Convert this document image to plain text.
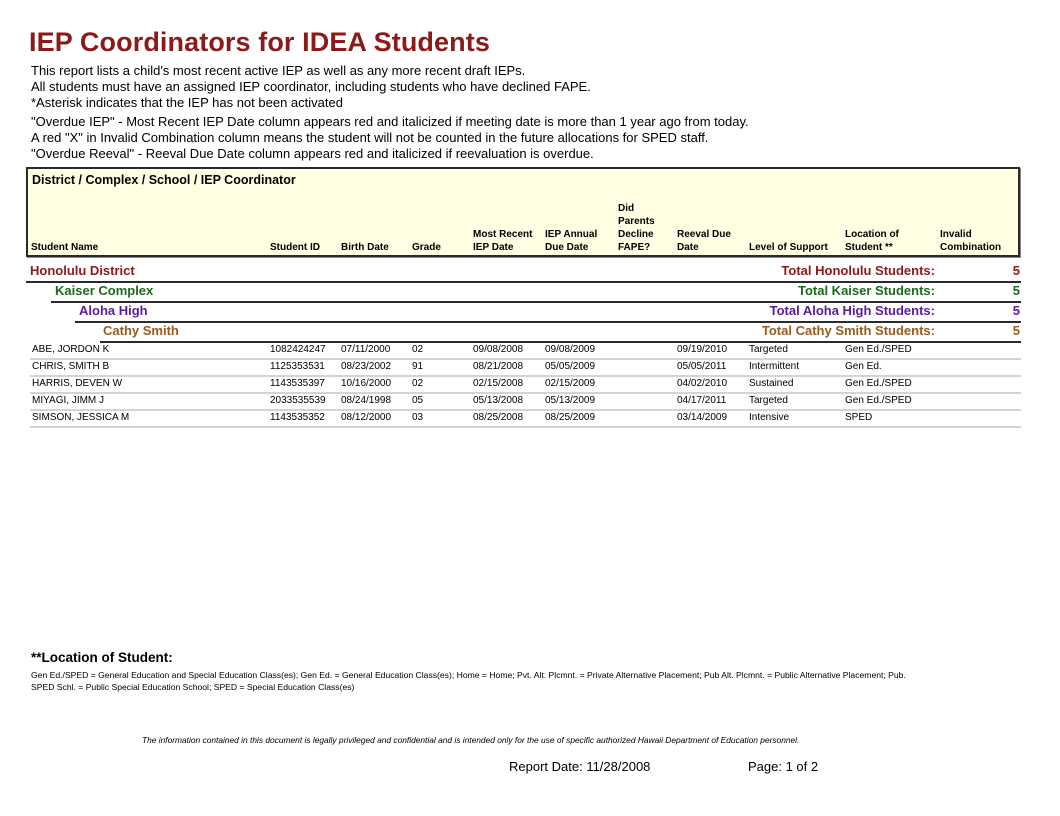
IEP Coordinators for IDEA Students

This report lists a child's most recent active IEP as well as any more recent draft IEPs.

All students must have an assigned IEP coordinator, including students who have declined FAPE.

*Asterisk indicates that the IEP has not been activated

"Overdue IEP" - Most Recent IEP Date column appears red and italicized if meeting date is more than 1 year ago from today.

A red "X" in Invalid Combination column means the student will not be counted in the future allocations for SPED staff.

"Overdue Reeval" - Reeval Due Date column appears red and italicized if reevaluation is overdue.

District / Complex / School / IEP Coordinator
Student Name	Student ID Birth Date Grade
Most Recent
IEP Date
IEP Annual
Due Date
Did
Parents
Decline
FAPE?
Reeval Due
Date	Level of Support
Location of
Student **
Invalid
Combination
Honolulu District	Total Honolulu Students:	5
Kaiser Complex	Total Kaiser Students:	5
Aloha High	Total Aloha High Students:	5
Cathy Smith	Total Cathy Smith Students:	5
ABE, JORDON K	1082424247 07/11/2000 02	09/08/2008 09/08/2009	09/19/2010 Targeted	Gen Ed./SPED
CHRIS, SMITH B	1125353531 08/23/2002 91	08/21/2008 05/05/2009	05/05/2011 Intermittent	Gen Ed.
HARRIS, DEVEN W	1143535397 10/16/2000 02	02/15/2008 02/15/2009	04/02/2010 Sustained	Gen Ed./SPED
MIYAGI, JIMM J	2033535539 08/24/1998 05	05/13/2008 05/13/2009	04/17/2011 Targeted	Gen Ed./SPED
SIMSON, JESSICA M	1143535352 08/12/2000 03	08/25/2008 08/25/2009	03/14/2009 Intensive	SPED
**Location of Student:

Gen Ed./SPED = General Education and Special Education Class(es); Gen Ed. = General Education Class(es); Home = Home; Pvt. Alt. Plcmnt. = Private Alternative Placement; Pub Alt. Plcmnt. = Public Alternative Placement; Pub.

SPED Schl. = Public Special Education School; SPED = Special Education Class(es)

The information contained in this document is legally privileged and confidential and is intended only for the use of specific authorized Hawaii Department of Education personnel.
Report Date: 11/28/2008	Page: 1 of 2
